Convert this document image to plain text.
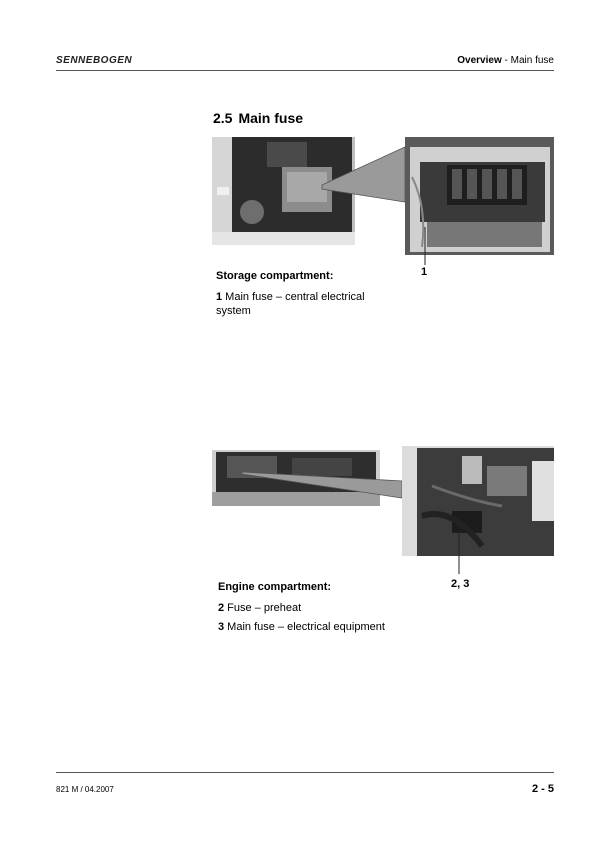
SENNEBOGEN	Overview - Main fuse
2.5 Main fuse
1
Storage compartment:
1 Main fuse – central electrical system
2, 3
Engine compartment:
2 Fuse – preheat
3 Main fuse – electrical equipment
821 M / 04.2007	2 - 5
